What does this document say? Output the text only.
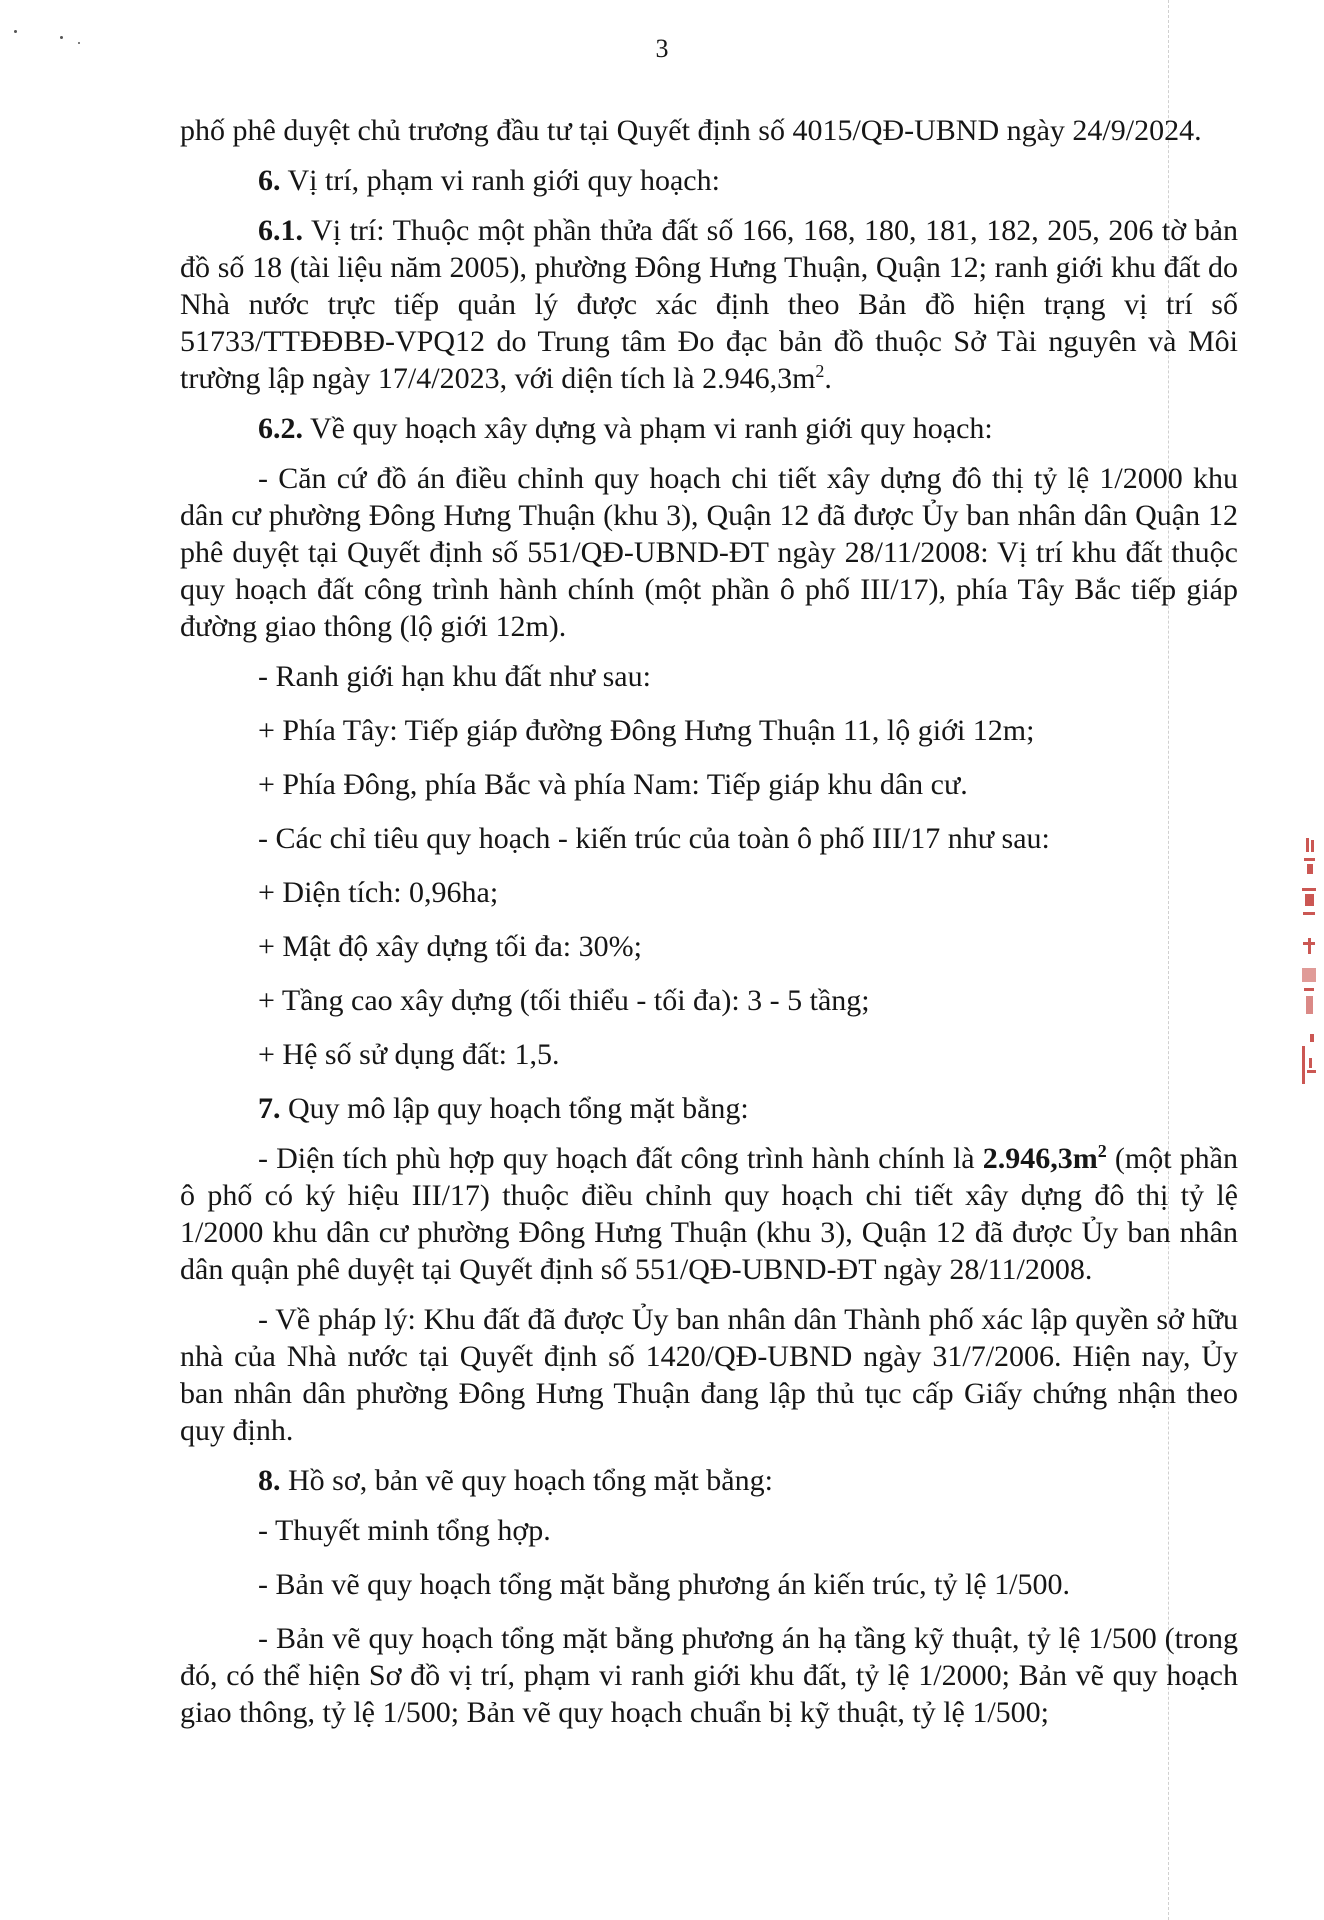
3

phố phê duyệt chủ trương đầu tư tại Quyết định số 4015/QĐ-UBND ngày 24/9/2024.

6. Vị trí, phạm vi ranh giới quy hoạch:

6.1. Vị trí: Thuộc một phần thửa đất số 166, 168, 180, 181, 182, 205, 206 tờ bản đồ số 18 (tài liệu năm 2005), phường Đông Hưng Thuận, Quận 12; ranh giới khu đất do Nhà nước trực tiếp quản lý được xác định theo Bản đồ hiện trạng vị trí số 51733/TTĐĐBĐ-VPQ12 do Trung tâm Đo đạc bản đồ thuộc Sở Tài nguyên và Môi trường lập ngày 17/4/2023, với diện tích là $2.946,3m^2$.

6.2. Về quy hoạch xây dựng và phạm vi ranh giới quy hoạch:

- Căn cứ đồ án điều chỉnh quy hoạch chi tiết xây dựng đô thị tỷ lệ 1/2000 khu dân cư phường Đông Hưng Thuận (khu 3), Quận 12 đã được Ủy ban nhân dân Quận 12 phê duyệt tại Quyết định số 551/QĐ-UBND-ĐT ngày 28/11/2008: Vị trí khu đất thuộc quy hoạch đất công trình hành chính (một phần ô phố III/17), phía Tây Bắc tiếp giáp đường giao thông (lộ giới 12m).

- Ranh giới hạn khu đất như sau:

+ Phía Tây: Tiếp giáp đường Đông Hưng Thuận 11, lộ giới 12m;

+ Phía Đông, phía Bắc và phía Nam: Tiếp giáp khu dân cư.

- Các chỉ tiêu quy hoạch - kiến trúc của toàn ô phố III/17 như sau:

+ Diện tích: 0,96ha;

+ Mật độ xây dựng tối đa: 30%;

+ Tầng cao xây dựng (tối thiểu - tối đa): 3 - 5 tầng;

+ Hệ số sử dụng đất: 1,5.

7. Quy mô lập quy hoạch tổng mặt bằng:

- Diện tích phù hợp quy hoạch đất công trình hành chính là $2.946,3m^2$ (một phần ô phố có ký hiệu III/17) thuộc điều chỉnh quy hoạch chi tiết xây dựng đô thị tỷ lệ 1/2000 khu dân cư phường Đông Hưng Thuận (khu 3), Quận 12 đã được Ủy ban nhân dân quận phê duyệt tại Quyết định số 551/QĐ-UBND-ĐT ngày 28/11/2008.

- Về pháp lý: Khu đất đã được Ủy ban nhân dân Thành phố xác lập quyền sở hữu nhà của Nhà nước tại Quyết định số 1420/QĐ-UBND ngày 31/7/2006. Hiện nay, Ủy ban nhân dân phường Đông Hưng Thuận đang lập thủ tục cấp Giấy chứng nhận theo quy định.

8. Hồ sơ, bản vẽ quy hoạch tổng mặt bằng:

- Thuyết minh tổng hợp.

- Bản vẽ quy hoạch tổng mặt bằng phương án kiến trúc, tỷ lệ 1/500.

- Bản vẽ quy hoạch tổng mặt bằng phương án hạ tầng kỹ thuật, tỷ lệ 1/500 (trong đó, có thể hiện Sơ đồ vị trí, phạm vi ranh giới khu đất, tỷ lệ 1/2000; Bản vẽ quy hoạch giao thông, tỷ lệ 1/500; Bản vẽ quy hoạch chuẩn bị kỹ thuật, tỷ lệ 1/500;
